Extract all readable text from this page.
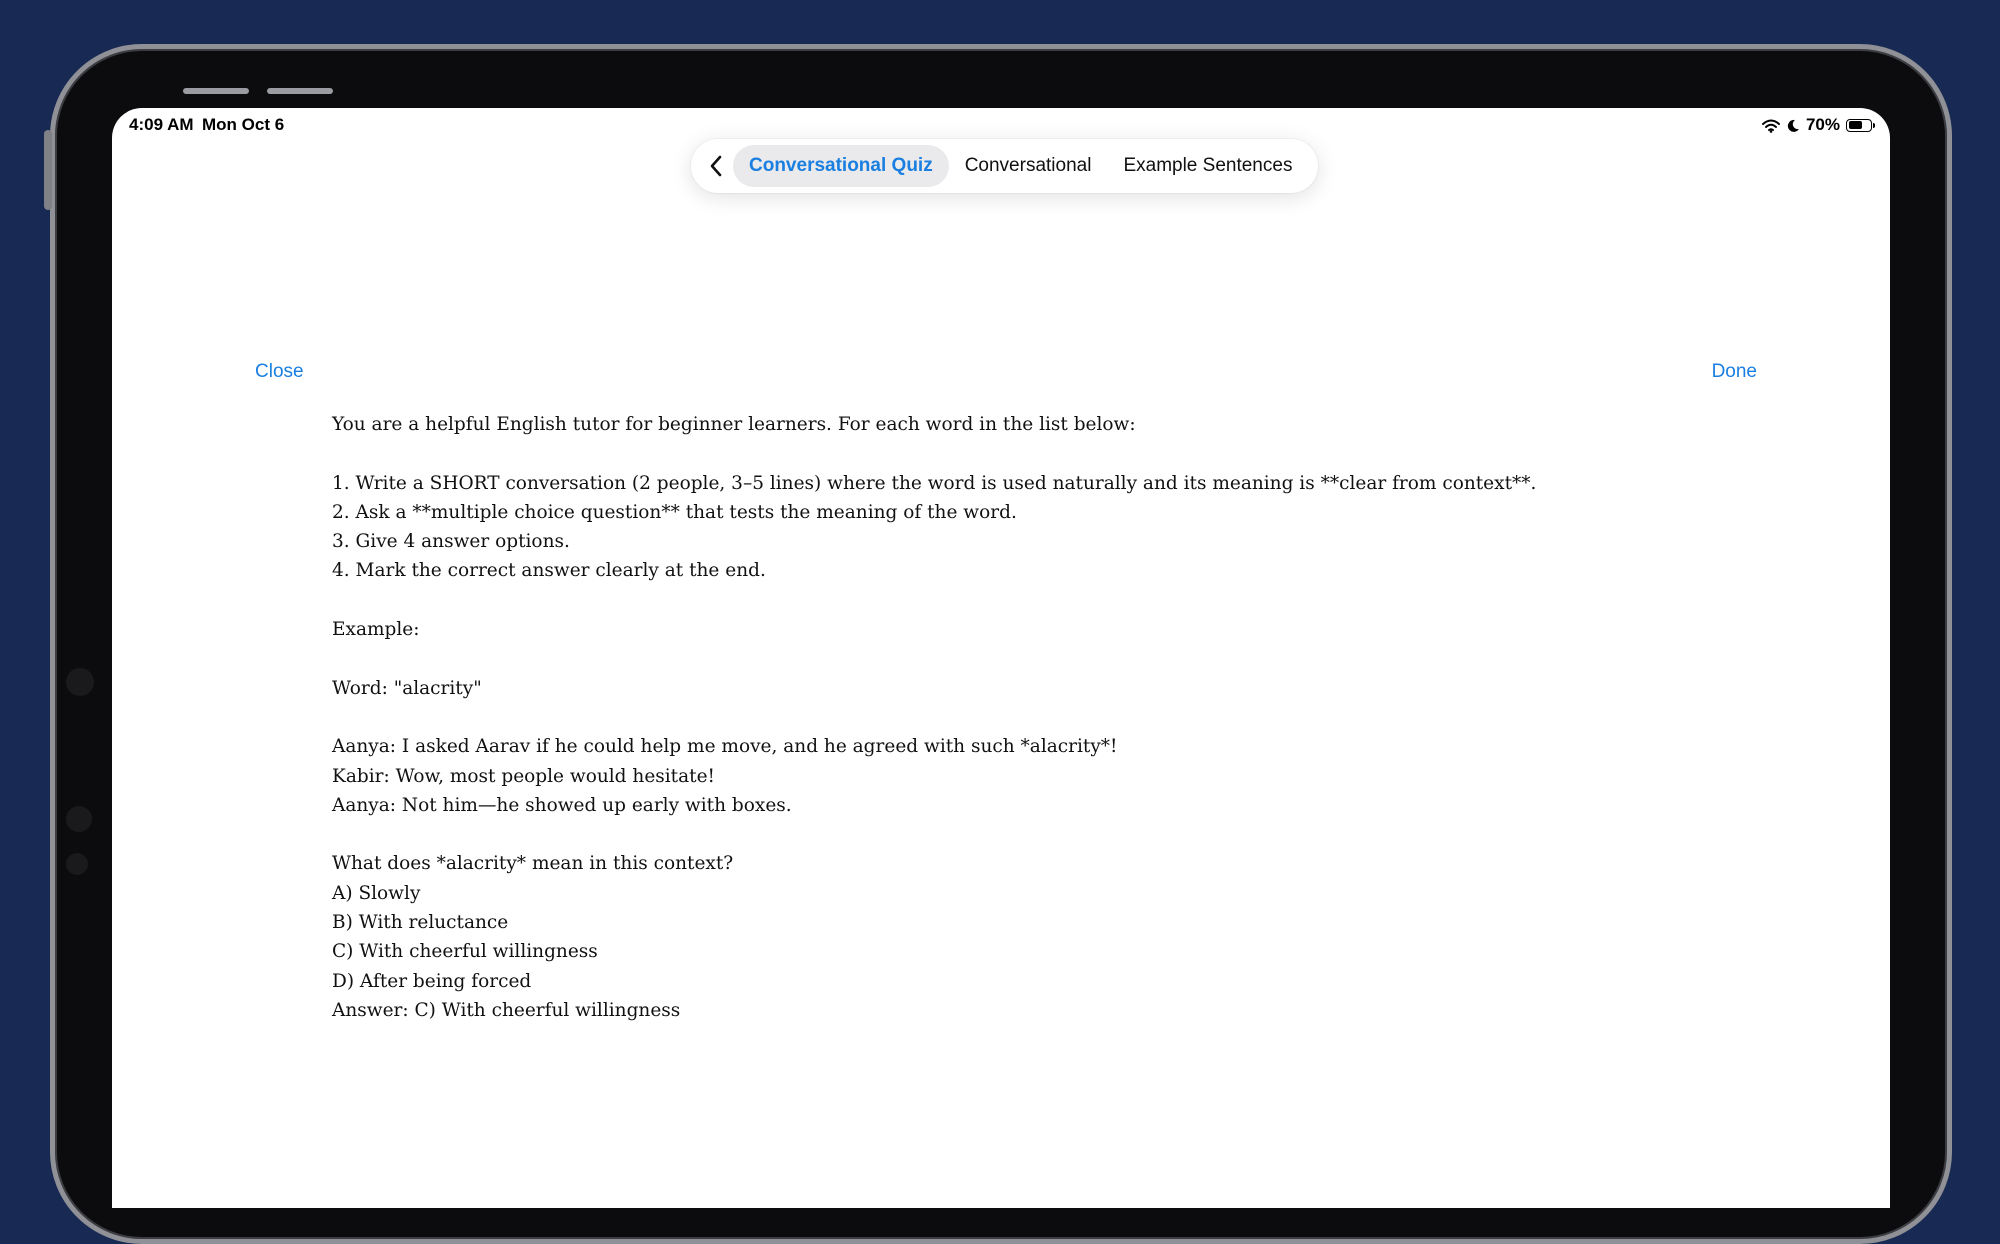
4:09 AM Mon Oct 6	70%
Conversational Quiz	Conversational	Example Sentences
Close	Done

You are a helpful English tutor for beginner learners. For each word in the list below:

1. Write a SHORT conversation (2 people, 3–5 lines) where the word is used naturally and its meaning is **clear from context**.

2. Ask a **multiple choice question** that tests the meaning of the word.

3. Give 4 answer options.

4. Mark the correct answer clearly at the end.

Example:

Word: "alacrity"

Aanya: I asked Aarav if he could help me move, and he agreed with such *alacrity*!

Kabir: Wow, most people would hesitate!

Aanya: Not him—he showed up early with boxes.

What does *alacrity* mean in this context?

A) Slowly

B) With reluctance

C) With cheerful willingness

D) After being forced

Answer: C) With cheerful willingness
